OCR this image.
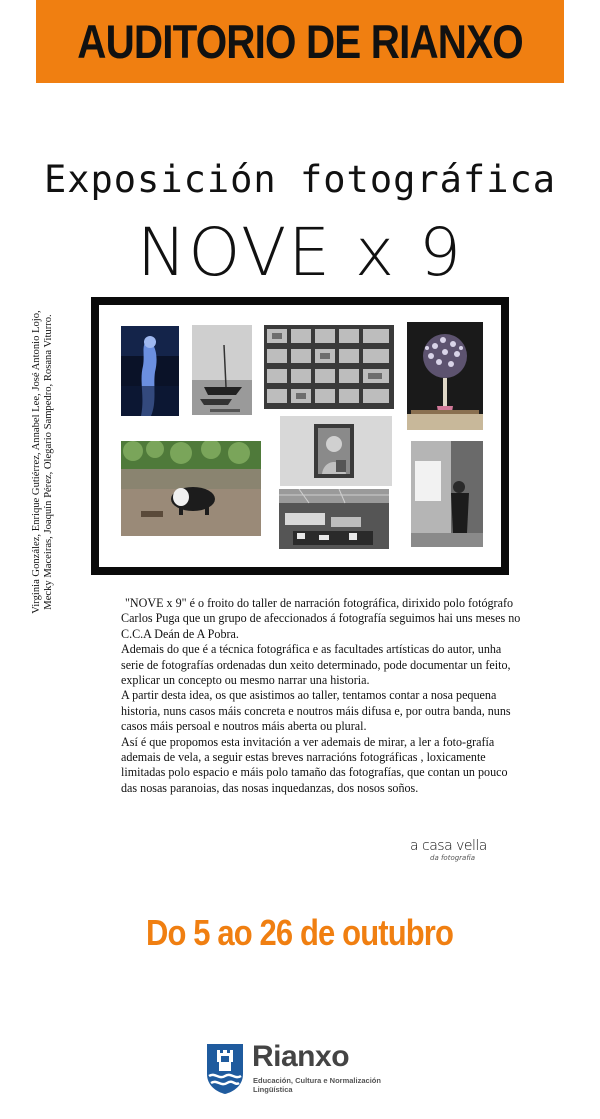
AUDITORIO DE RIANXO
Exposición fotográfica
NOVE x 9
Virginia González, Enrique Gutiérrez, Annabel Lee, José Antonio Lojo, Mecky Maceiras, Joaquín Pérez, Olegario Sampedro, Rosana Viturro.	"NOVE x 9" é o froito do taller de narración fotográfica, dirixido polo fotógrafo Carlos Puga que un grupo de afeccionados á fotografía seguimos hai uns meses no C.C.A Deán de A Pobra.

Ademais do que é a técnica fotográfica e as facultades artísticas do autor, unha serie de fotografías ordenadas dun xeito determinado, pode documentar un feito, explicar un concepto ou mesmo narrar una historia.

A partir desta idea, os que asistimos ao taller, tentamos contar a nosa pequena historia, nuns casos máis concreta e noutros máis difusa e, por outra banda, nuns casos máis persoal e noutros máis aberta ou plural.

Así é que propomos esta invitación a ver ademais de mirar, a ler a foto-grafía ademais de vela, a seguir estas breves narracións fotográficas , loxicamente limitadas polo espacio e máis polo tamaño das fotografías, que contan un pouco das nosas paranoias, das nosas inquedanzas, dos nosos soños.

a casa vella
da fotografía
Do 5 ao 26 de outubro
Rianxo
Educación, Cultura e Normalización
Lingüística
